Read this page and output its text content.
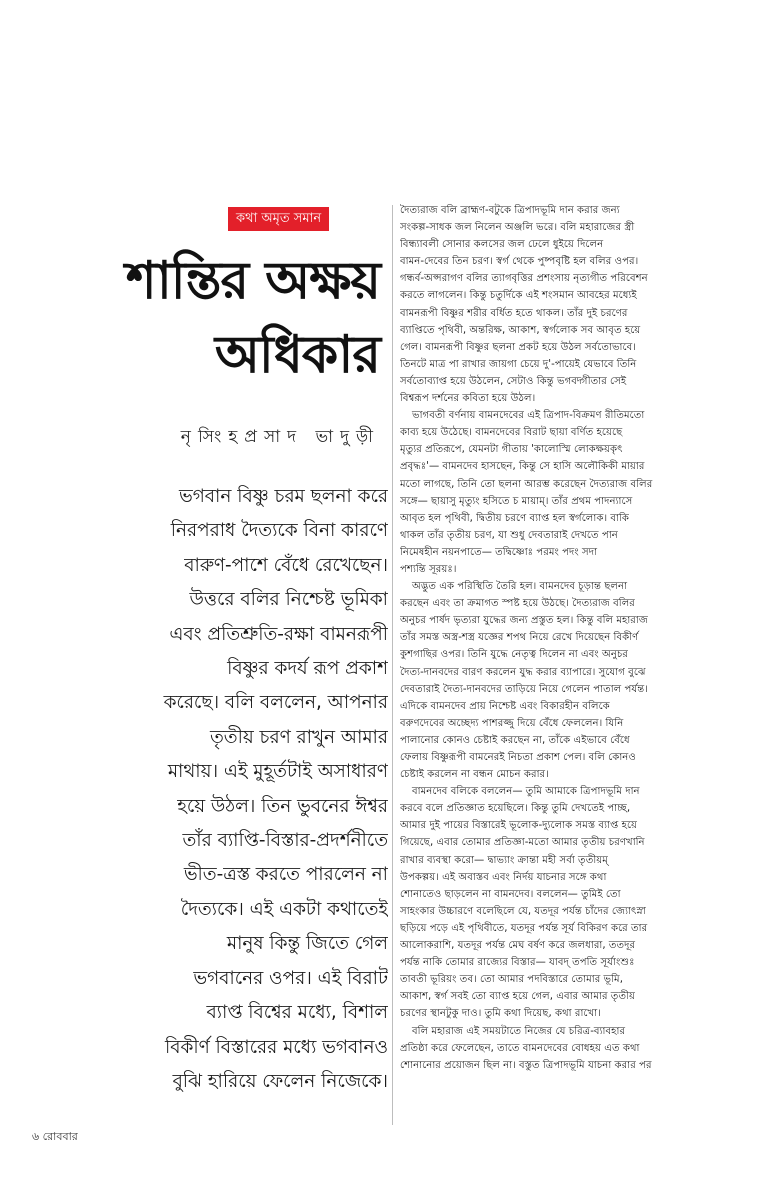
কথা অমৃত সমান
শান্তির অক্ষয়
অধিকার
নৃসিংহপ্রসাদ ভাদুড়ী
ভগবান বিষ্ণু চরম ছলনা করে
নিরপরাধ দৈত্যকে বিনা কারণে
বারুণ-পাশে বেঁধে রেখেছেন।
উত্তরে বলির নিশ্চেষ্ট ভূমিকা
এবং প্রতিশ্রুতি-রক্ষা বামনরূপী
বিষ্ণুর কদর্য রূপ প্রকাশ
করেছে। বলি বললেন, আপনার
তৃতীয় চরণ রাখুন আমার
মাথায়। এই মুহূর্তটাই অসাধারণ
হয়ে উঠল। তিন ভুবনের ঈশ্বর
তাঁর ব্যাপ্তি-বিস্তার-প্রদর্শনীতে
ভীত-ত্রস্ত করতে পারলেন না
দৈত্যকে। এই একটা কথাতেই
মানুষ কিন্তু জিতে গেল
ভগবানের ওপর। এই বিরাট
ব্যাপ্ত বিশ্বের মধ্যে, বিশাল
বিকীর্ণ বিস্তারের মধ্যে ভগবানও
বুঝি হারিয়ে ফেলেন নিজেকে।
দৈত্যরাজ বলি ব্রাহ্মণ-বটুকে ত্রিপাদভূমি দান করার জন্য
সংকল্প-সাধক জল নিলেন অঞ্জলি ভরে। বলি মহারাজের স্ত্রী
বিন্ধ্যাবলী সোনার কলসের জল ঢেলে ধুইয়ে দিলেন
বামন-দেবের তিন চরণ। স্বর্গ থেকে পুষ্পবৃষ্টি হল বলির ওপর।
গন্ধর্ব-অপ্সরাগণ বলির ত্যাগবৃত্তির প্রশংসায় নৃত্যগীত পরিবেশন
করতে লাগলেন। কিন্তু চতুর্দিকে এই শংসমান আবহের মধ্যেই
বামনরূপী বিষ্ণুর শরীর বর্ধিত হতে থাকল। তাঁর দুই চরণের
ব্যাপ্তিতে পৃথিবী, অন্তরিক্ষ, আকাশ, স্বর্গলোক সব আবৃত হয়ে
গেল। বামনরূপী বিষ্ণুর ছলনা প্রকট হয়ে উঠল সর্বতোভাবে।
তিনটে মাত্র পা রাখার জায়গা চেয়ে দু'-পায়েই যেভাবে তিনি
সর্বতোব্যাপ্ত হয়ে উঠলেন, সেটাও কিন্তু ভগবদ্গীতার সেই
বিশ্বরূপ দর্শনের কবিতা হয়ে উঠল।
ভাগবতী বর্ণনায় বামনদেবের এই ত্রিপাদ-বিক্রমণ রীতিমতো
কাব্য হয়ে উঠেছে। বামনদেবের বিরাট ছায়া বর্ণিত হয়েছে
মৃত্যুর প্রতিরূপে, যেমনটা গীতায় 'কালোস্মি লোকক্ষয়কৃৎ
প্রবৃদ্ধঃ'— বামনদেব হাসছেন, কিন্তু সে হাসি অলৌকিকী মায়ার
মতো লাগছে, তিনি তো ছলনা আরম্ভ করেছেন দৈত্যরাজ বলির
সঙ্গে— ছায়াসু মৃত্যুং হসিতে চ মায়াম্। তাঁর প্রথম পাদন্যাসে
আবৃত হল পৃথিবী, দ্বিতীয় চরণে ব্যাপ্ত হল স্বর্গলোক। বাকি
থাকল তাঁর তৃতীয় চরণ, যা শুধু দেবতারাই দেখতে পান
নিমেষহীন নয়নপাতে— তদ্বিষ্ণোঃ পরমং পদং সদা
পশ্যন্তি সূরয়ঃ।
অদ্ভুত এক পরিস্থিতি তৈরি হল। বামনদেব চূড়ান্ত ছলনা
করছেন এবং তা ক্রমাগত স্পষ্ট হয়ে উঠছে। দৈত্যরাজ বলির
অনুচর পার্ষদ ভৃত্যরা যুদ্ধের জন্য প্রস্তুত হল। কিন্তু বলি মহারাজ
তাঁর সমস্ত অস্ত্র-শস্ত্র যজ্ঞের শপথ নিয়ে রেখে দিয়েছেন বিকীর্ণ
কুশগাছির ওপর। তিনি যুদ্ধে নেতৃত্ব দিলেন না এবং অনুচর
দৈত্য-দানবদের বারণ করলেন যুদ্ধ করার ব্যাপারে। সুযোগ বুঝে
দেবতারাই দৈত্য-দানবদের তাড়িয়ে নিয়ে গেলেন পাতাল পর্যন্ত।
এদিকে বামনদেব প্রায় নিশ্চেষ্ট এবং বিকারহীন বলিকে
বরুণদেবের অচ্ছেদ্য পাশরজ্জু দিয়ে বেঁধে ফেললেন। যিনি
পালানোর কোনও চেষ্টাই করছেন না, তাঁকে এইভাবে বেঁধে
ফেলায় বিষ্ণুরূপী বামনেরই নিচতা প্রকাশ পেল। বলি কোনও
চেষ্টাই করলেন না বন্ধন মোচন করার।
বামনদেব বলিকে বললেন— তুমি আমাকে ত্রিপাদভূমি দান
করবে বলে প্রতিজ্ঞাত হয়েছিলে। কিন্তু তুমি দেখতেই পাচ্ছ,
আমার দুই পায়ের বিস্তারেই ভূলোক-দ্যুলোক সমস্ত ব্যাপ্ত হয়ে
গিয়েছে, এবার তোমার প্রতিজ্ঞা-মতো আমার তৃতীয় চরণখানি
রাখার ব্যবস্থা করো— দ্বাভ্যাং ক্রান্তা মহী সর্বা তৃতীয়ম্
উপকল্পয়। এই অবাস্তব এবং নির্দয় যাচনার সঙ্গে কথা
শোনাতেও ছাড়লেন না বামনদেব। বললেন— তুমিই তো
সাহংকার উচ্চারণে বলেছিলে যে, যতদূর পর্যন্ত চাঁদের জ্যোৎস্না
ছড়িয়ে পড়ে এই পৃথিবীতে, যতদূর পর্যন্ত সূর্য বিকিরণ করে তার
আলোকরাশি, যতদূর পর্যন্ত মেঘ বর্ষণ করে জলধারা, ততদূর
পর্যন্ত নাকি তোমার রাজ্যের বিস্তার— যাবদ্ তপতি সূর্যাংশুঃ
তাবতী ভূরিয়ং তব। তো আমার পদবিস্তারে তোমার ভূমি,
আকাশ, স্বর্গ সবই তো ব্যাপ্ত হয়ে গেল, এবার আমার তৃতীয়
চরণের স্থানটুকু দাও। তুমি কথা দিয়েছ, কথা রাখো।
বলি মহারাজ এই সময়টাতে নিজের যে চরিত্র-ব্যাবহার
প্রতিষ্ঠা করে ফেলেছেন, তাতে বামনদেবের বোধহয় এত কথা
শোনানোর প্রয়োজন ছিল না। বস্তুত ত্রিপাদভূমি যাচনা করার পর
৬ রোববার
